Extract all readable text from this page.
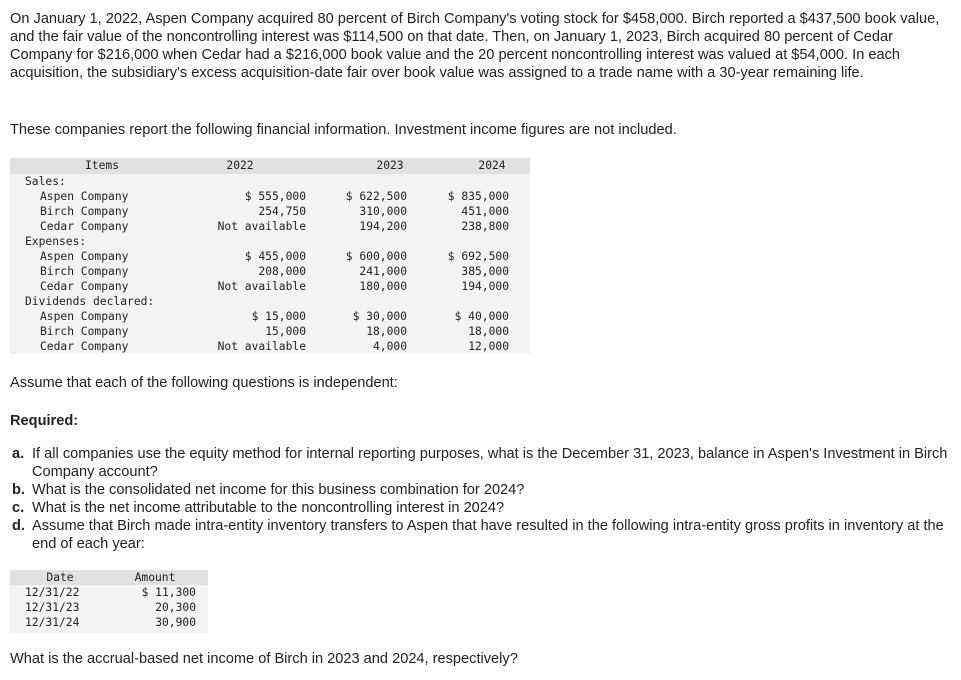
On January 1, 2022, Aspen Company acquired 80 percent of Birch Company's voting stock for $458,000. Birch reported a $437,500 book value, and the fair value of the noncontrolling interest was $114,500 on that date. Then, on January 1, 2023, Birch acquired 80 percent of Cedar Company for $216,000 when Cedar had a $216,000 book value and the 20 percent noncontrolling interest was valued at $54,000. In each acquisition, the subsidiary's excess acquisition-date fair over book value was assigned to a trade name with a 30-year remaining life.

These companies report the following financial information. Investment income figures are not included.

Items	2022	2023	2024
Sales:
Aspen Company	$ 555,000	$ 622,500	$ 835,000
Birch Company	254,750	310,000	451,000
Cedar Company	Not available	194,200	238,800
Expenses:
Aspen Company	$ 455,000	$ 600,000	$ 692,500
Birch Company	208,000	241,000	385,000
Cedar Company	Not available	180,000	194,000
Dividends declared:
Aspen Company	$ 15,000	$ 30,000	$ 40,000
Birch Company	15,000	18,000	18,000
Cedar Company	Not available	4,000	12,000

Assume that each of the following questions is independent:

Required:

a. If all companies use the equity method for internal reporting purposes, what is the December 31, 2023, balance in Aspen's Investment in Birch Company account?
b. What is the consolidated net income for this business combination for 2024?
c. What is the net income attributable to the noncontrolling interest in 2024?
d. Assume that Birch made intra-entity inventory transfers to Aspen that have resulted in the following intra-entity gross profits in inventory at the end of each year:
Date	Amount
12/31/22	$ 11,300
12/31/23	20,300
12/31/24	30,900

What is the accrual-based net income of Birch in 2023 and 2024, respectively?
